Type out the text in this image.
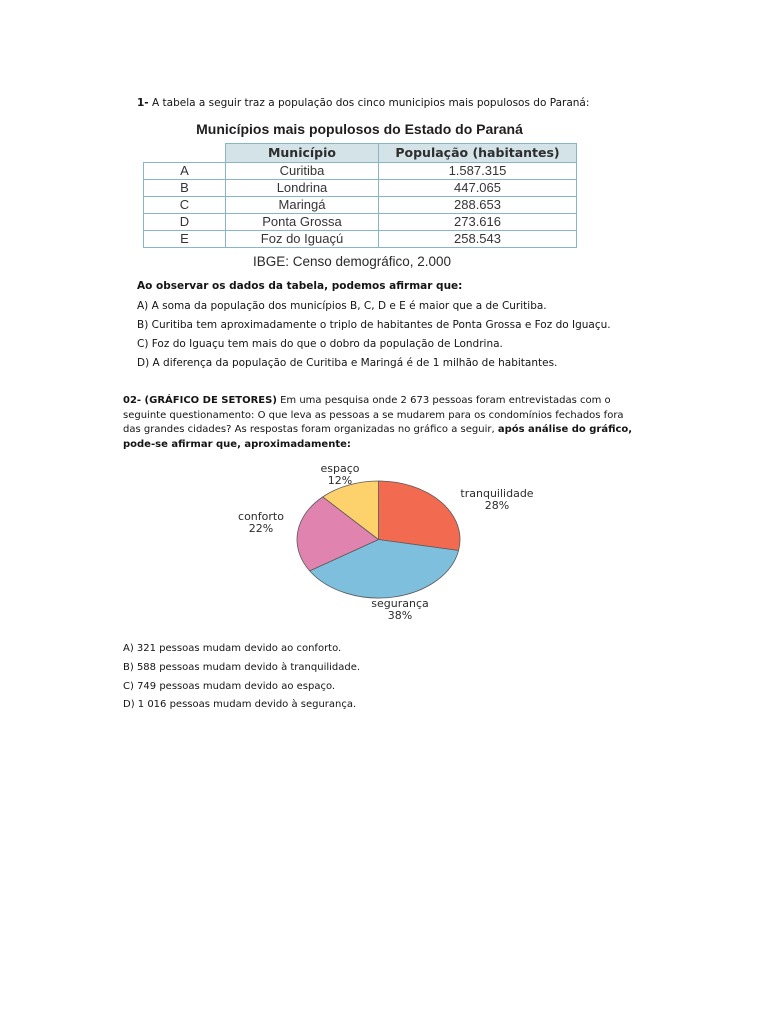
1- A tabela a seguir traz a população dos cinco municipios mais populosos do Paraná:
Municípios mais populosos do Estado do Paraná
	Município	População (habitantes)
A	Curitiba	1.587.315
B	Londrina	447.065
C	Maringá	288.653
D	Ponta Grossa	273.616
E	Foz do Iguaçú	258.543
IBGE: Censo demográfico, 2.000
Ao observar os dados da tabela, podemos afirmar que:
A) A soma da população dos municípios B, C, D e E é maior que a de Curitiba.
B) Curitiba tem aproximadamente o triplo de habitantes de Ponta Grossa e Foz do Iguaçu.
C) Foz do Iguaçu tem mais do que o dobro da população de Londrina.
D) A diferença da população de Curitiba e Maringá é de 1 milhão de habitantes.
02- (GRÁFICO DE SETORES) Em uma pesquisa onde 2 673 pessoas foram entrevistadas com o
seguinte questionamento: O que leva as pessoas a se mudarem para os condomínios fechados fora
das grandes cidades? As respostas foram organizadas no gráfico a seguir, após análise do gráfico,
pode-se afirmar que, aproximadamente:
espaço
12%
tranquilidade
28%
conforto
22%
segurança
38%
A) 321 pessoas mudam devido ao conforto.
B) 588 pessoas mudam devido à tranquilidade.
C) 749 pessoas mudam devido ao espaço.
D) 1 016 pessoas mudam devido à segurança.
